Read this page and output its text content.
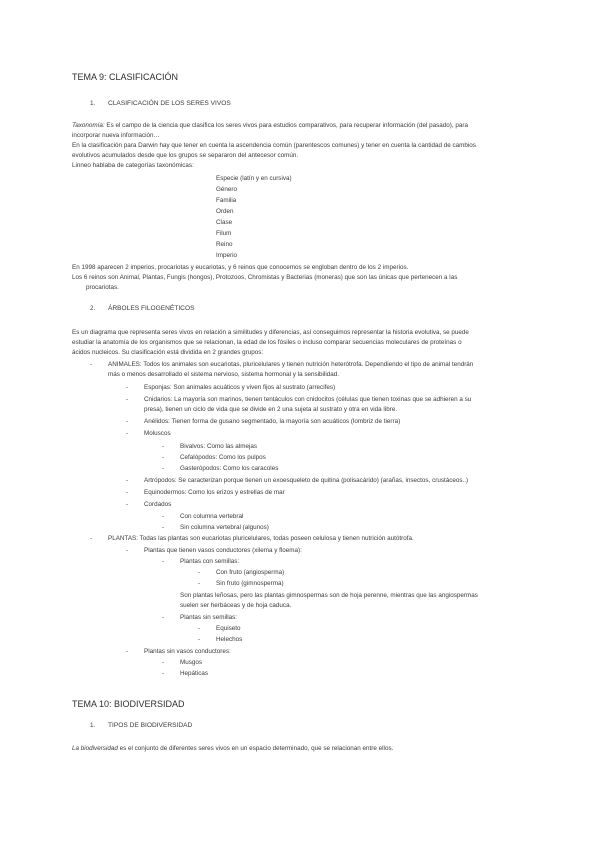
TEMA 9: CLASIFICACIÓN
1. CLASIFICACIÓN DE LOS SERES VIVOS
Taxonomía: Es el campo de la ciencia que clasifica los seres vivos para estudios comparativos, para recuperar información (del pasado), para
incorporar nueva información…
En la clasificación para Darwin hay que tener en cuenta la ascendencia común (parentescos comunes) y tener en cuenta la cantidad de cambios
evolutivos acumulados desde que los grupos se separaron del antecesor común.
Linneo hablaba de categorías taxonómicas:
Especie (latín y en cursiva)
Género
Familia
Orden
Clase
Filum
Reino
Imperio
En 1998 aparecen 2 imperios, procariotas y eucariotas, y 6 reinos que conocemos se engloban dentro de los 2 imperios.
Los 6 reinos son Animal, Plantas, Fungis (hongos), Protozoos, Chromistas y Bacterias (moneras) que son las únicas que pertenecen a las
procariotas.
2. ÁRBOLES FILOGENÉTICOS
Es un diagrama que representa seres vivos en relación a similitudes y diferencias, así conseguimos representar la historia evolutiva, se puede
estudiar la anatomía de los organismos que se relacionan, la edad de los fósiles o incluso comparar secuencias moleculares de proteínas o
ácidos nucleicos. Su clasificación está dividida en 2 grandes grupos:
-	ANIMALES: Todos los animales son eucariotas, pluricelulares y tienen nutrición heterótrofa. Dependiendo el tipo de animal tendrán
más o menos desarrollado el sistema nervioso, sistema hormonal y la sensibilidad.
-	Esponjas: Son animales acuáticos y viven fijos al sustrato (arrecifes)
-	Cnidarios: La mayoría son marinos, tienen tentáculos con cnidocitos (células que tienen toxinas que se adhieren a su
presa), tienen un ciclo de vida que se divide en 2 una sujeta al sustrato y otra en vida libre.
-	Anélidos: Tienen forma de gusano segmentado, la mayoría son acuáticos (lombriz de tierra)
-	Moluscos
-	Bivalvos: Como las almejas
-	Cefalópodos: Como los pulpos
-	Gasterópodos: Como los caracoles
-	Artrópodos: Se caracterizan porque tienen un exoesqueleto de quitina (polisacárido) (arañas, insectos, crustáceos..)
-	Equinodermos: Como los erizos y estrellas de mar
-	Cordados
-	Con columna vertebral
-	Sin columna vertebral (algunos)
-	PLANTAS: Todas las plantas son eucariotas pluricelulares, todas poseen celulosa y tienen nutrición autótrofa.
-	Plantas que tienen vasos conductores (xilema y floema):
-	Plantas con semillas:
-	Con fruto (angiosperma)
-	Sin fruto (gimnosperma)
Son plantas leñosas, pero las plantas gimnospermas son de hoja perenne, mientras que las angiospermas
suelen ser herbáceas y de hoja caduca.
-	Plantas sin semillas:
-	Equiseto
-	Helechos
-	Plantas sin vasos conductores:
-	Musgos
-	Hepáticas
TEMA 10: BIODIVERSIDAD
1. TIPOS DE BIODIVERSIDAD
La biodiversidad es el conjunto de diferentes seres vivos en un espacio determinado, que se relacionan entre ellos.
